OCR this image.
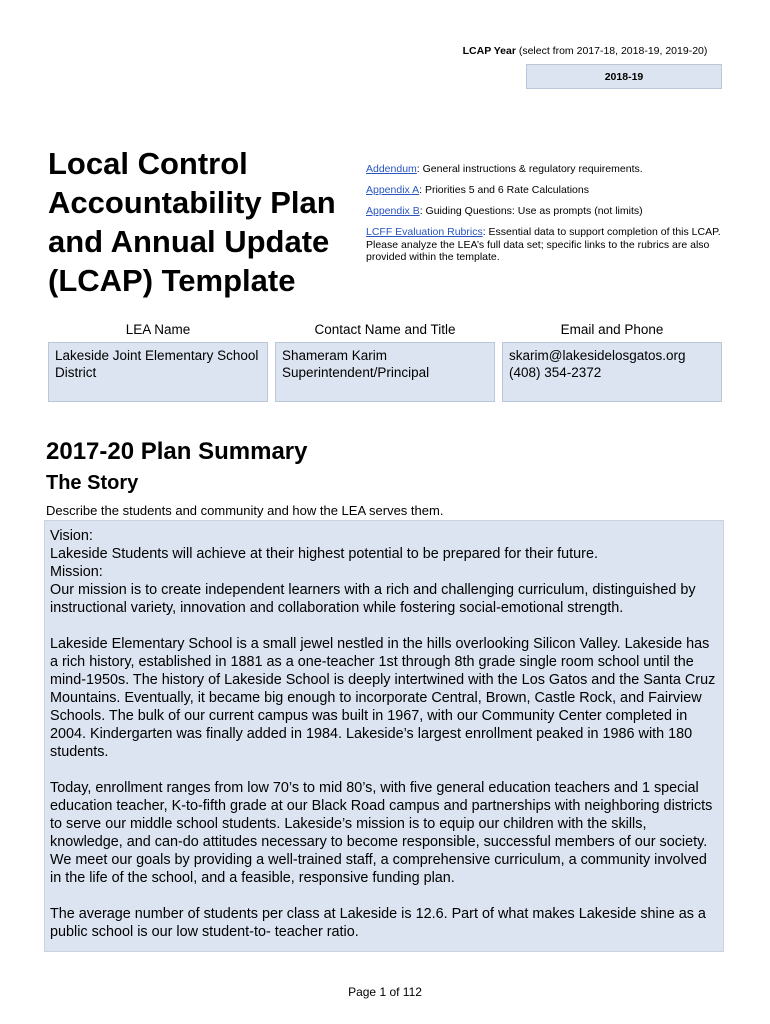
LCAP Year (select from 2017-18, 2018-19, 2019-20)
2018-19
Local Control Accountability Plan and Annual Update (LCAP) Template
Addendum: General instructions & regulatory requirements.
Appendix A: Priorities 5 and 6 Rate Calculations
Appendix B: Guiding Questions: Use as prompts (not limits)
LCFF Evaluation Rubrics: Essential data to support completion of this LCAP. Please analyze the LEA’s full data set; specific links to the rubrics are also provided within the template.
LEA Name	Contact Name and Title	Email and Phone
Lakeside Joint Elementary School District
Shameram Karim
Superintendent/Principal
skarim@lakesidelosgatos.org
(408) 354-2372
2017-20 Plan Summary
The Story
Describe the students and community and how the LEA serves them.

Vision:

Lakeside Students will achieve at their highest potential to be prepared for their future.

Mission:

Our mission is to create independent learners with a rich and challenging curriculum, distinguished by instructional variety, innovation and collaboration while fostering social-emotional strength.

Lakeside Elementary School is a small jewel nestled in the hills overlooking Silicon Valley. Lakeside has a rich history, established in 1881 as a one-teacher 1st through 8th grade single room school until the mind-1950s. The history of Lakeside School is deeply intertwined with the Los Gatos and the Santa Cruz Mountains. Eventually, it became big enough to incorporate Central, Brown, Castle Rock, and Fairview Schools. The bulk of our current campus was built in 1967, with our Community Center completed in 2004. Kindergarten was finally added in 1984. Lakeside’s largest enrollment peaked in 1986 with 180 students.

Today, enrollment ranges from low 70’s to mid 80’s, with five general education teachers and 1 special education teacher, K-to-fifth grade at our Black Road campus and partnerships with neighboring districts to serve our middle school students. Lakeside’s mission is to equip our children with the skills, knowledge, and can-do attitudes necessary to become responsible, successful members of our society. We meet our goals by providing a well-trained staff, a comprehensive curriculum, a community involved in the life of the school, and a feasible, responsive funding plan.

The average number of students per class at Lakeside is 12.6. Part of what makes Lakeside shine as a public school is our low student-to- teacher ratio.

Page 1 of 112
